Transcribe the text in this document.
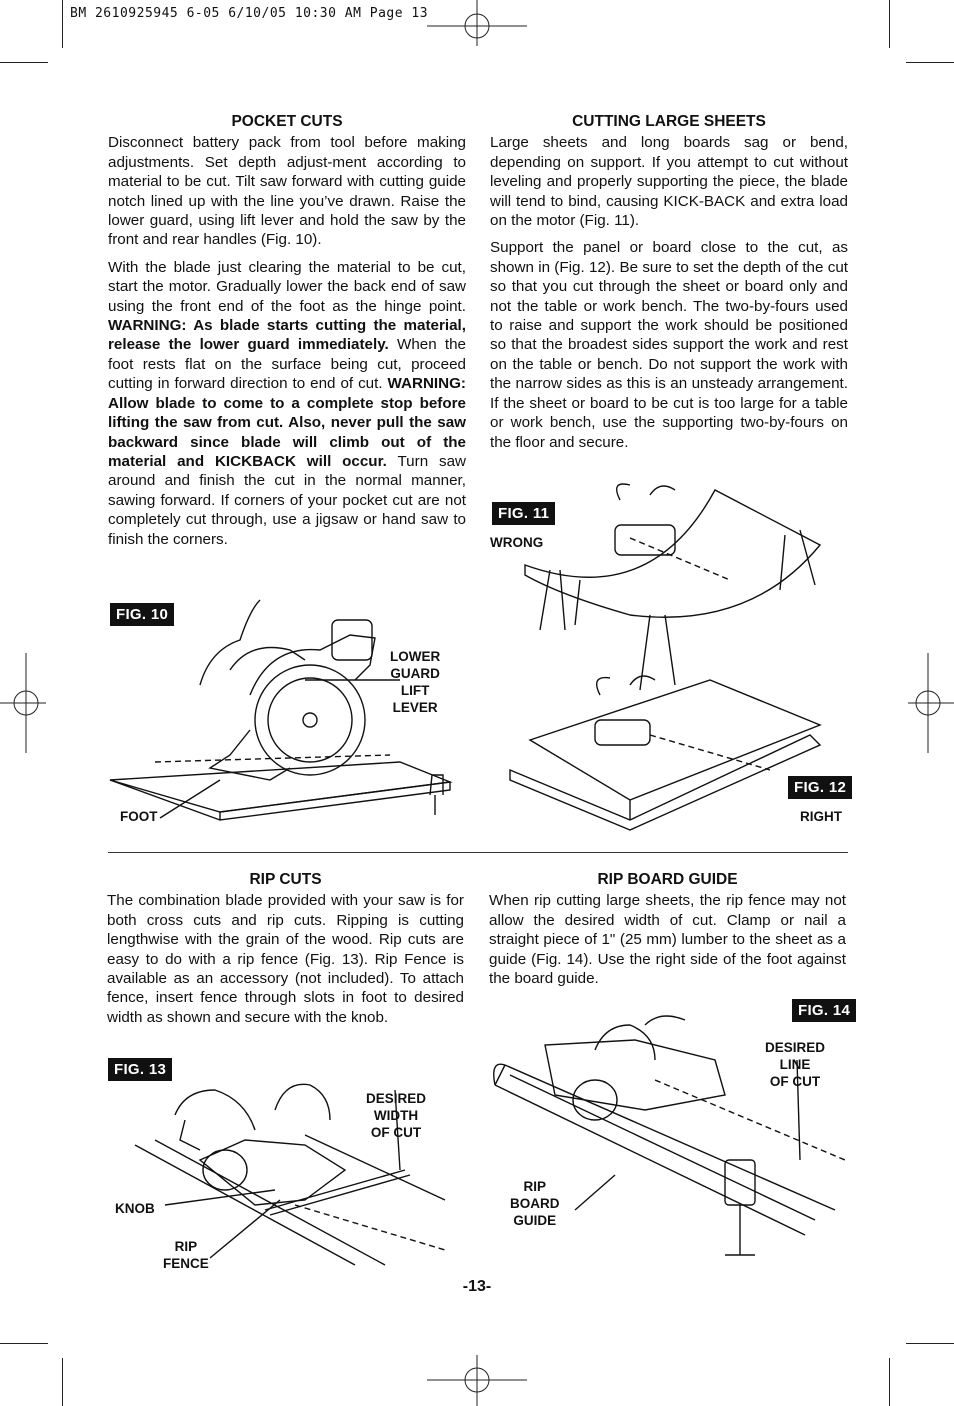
BM 2610925945 6-05 6/10/05 10:30 AM Page 13
POCKET CUTS

Disconnect battery pack from tool before making adjustments. Set depth adjust-ment according to material to be cut. Tilt saw forward with cutting guide notch lined up with the line you’ve drawn. Raise the lower guard, using lift lever and hold the saw by the front and rear handles (Fig. 10).

With the blade just clearing the material to be cut, start the motor. Gradually lower the back end of saw using the front end of the foot as the hinge point. WARNING: As blade starts cutting the material, release the lower guard immediately. When the foot rests flat on the surface being cut, proceed cutting in forward direction to end of cut. WARNING: Allow blade to come to a complete stop before lifting the saw from cut. Also, never pull the saw backward since blade will climb out of the material and KICKBACK will occur. Turn saw around and finish the cut in the normal manner, sawing forward. If corners of your pocket cut are not completely cut through, use a jigsaw or hand saw to finish the corners.

CUTTING LARGE SHEETS

Large sheets and long boards sag or bend, depending on support. If you attempt to cut without leveling and properly supporting the piece, the blade will tend to bind, causing KICK-BACK and extra load on the motor (Fig. 11).

Support the panel or board close to the cut, as shown in (Fig. 12). Be sure to set the depth of the cut so that you cut through the sheet or board only and not the table or work bench. The two-by-fours used to raise and support the work should be positioned so that the broadest sides support the work and rest on the table or bench. Do not support the work with the narrow sides as this is an unsteady arrangement. If the sheet or board to be cut is too large for a table or work bench, use the supporting two-by-fours on the floor and secure.

FIG. 10
LOWER
GUARD
LIFT
LEVER
FOOT
FIG. 11
WRONG
FIG. 12
RIGHT
RIP CUTS

The combination blade provided with your saw is for both cross cuts and rip cuts. Ripping is cutting lengthwise with the grain of the wood. Rip cuts are easy to do with a rip fence (Fig. 13). Rip Fence is available as an accessory (not included). To attach fence, insert fence through slots in foot to desired width as shown and secure with the knob.

RIP BOARD GUIDE

When rip cutting large sheets, the rip fence may not allow the desired width of cut. Clamp or nail a straight piece of 1" (25 mm) lumber to the sheet as a guide (Fig. 14). Use the right side of the foot against the board guide.

FIG. 13
DESIRED
WIDTH
OF CUT
KNOB
RIP
FENCE
FIG. 14
DESIRED
LINE
OF CUT
RIP
BOARD
GUIDE
-13-
